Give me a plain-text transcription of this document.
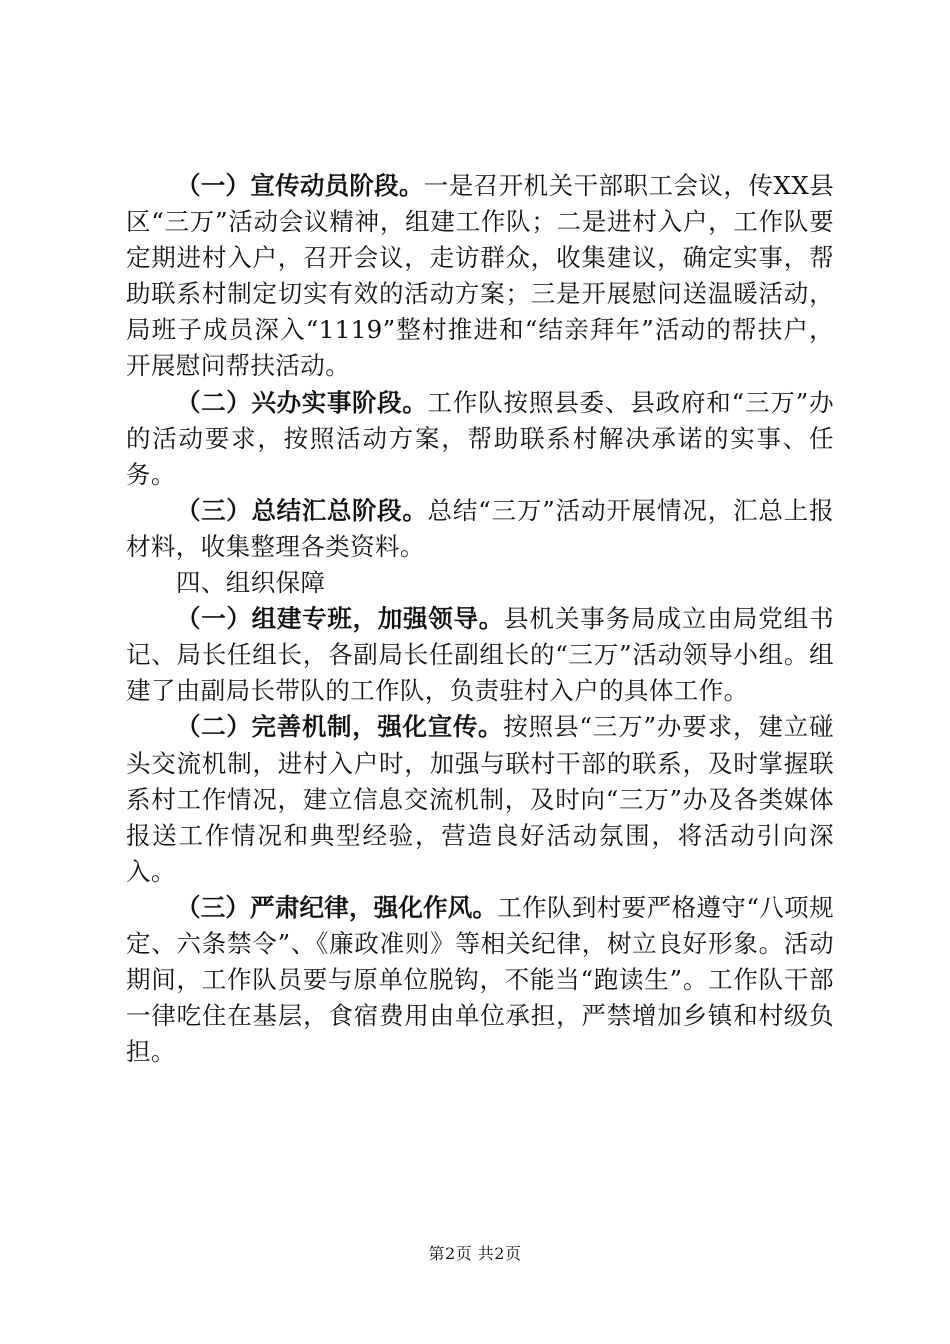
（一）宣传动员阶段。一是召开机关干部职工会议，传XX县区“三万”活动会议精神，组建工作队；二是进村入户，工作队要定期进村入户，召开会议，走访群众，收集建议，确定实事，帮助联系村制定切实有效的活动方案；三是开展慰问送温暖活动，局班子成员深入“1119”整村推进和“结亲拜年”活动的帮扶户，开展慰问帮扶活动。

（二）兴办实事阶段。工作队按照县委、县政府和“三万”办的活动要求，按照活动方案，帮助联系村解决承诺的实事、任务。

（三）总结汇总阶段。总结“三万”活动开展情况，汇总上报材料，收集整理各类资料。

四、组织保障

（一）组建专班，加强领导。县机关事务局成立由局党组书记、局长任组长，各副局长任副组长的“三万”活动领导小组。组建了由副局长带队的工作队，负责驻村入户的具体工作。

（二）完善机制，强化宣传。按照县“三万”办要求，建立碰头交流机制，进村入户时，加强与联村干部的联系，及时掌握联系村工作情况，建立信息交流机制，及时向“三万”办及各类媒体报送工作情况和典型经验，营造良好活动氛围，将活动引向深入。

（三）严肃纪律，强化作风。工作队到村要严格遵守“八项规定、六条禁令”、《廉政准则》等相关纪律，树立良好形象。活动期间，工作队员要与原单位脱钩，不能当“跑读生”。工作队干部一律吃住在基层，食宿费用由单位承担，严禁增加乡镇和村级负担。

第2页 共2页
